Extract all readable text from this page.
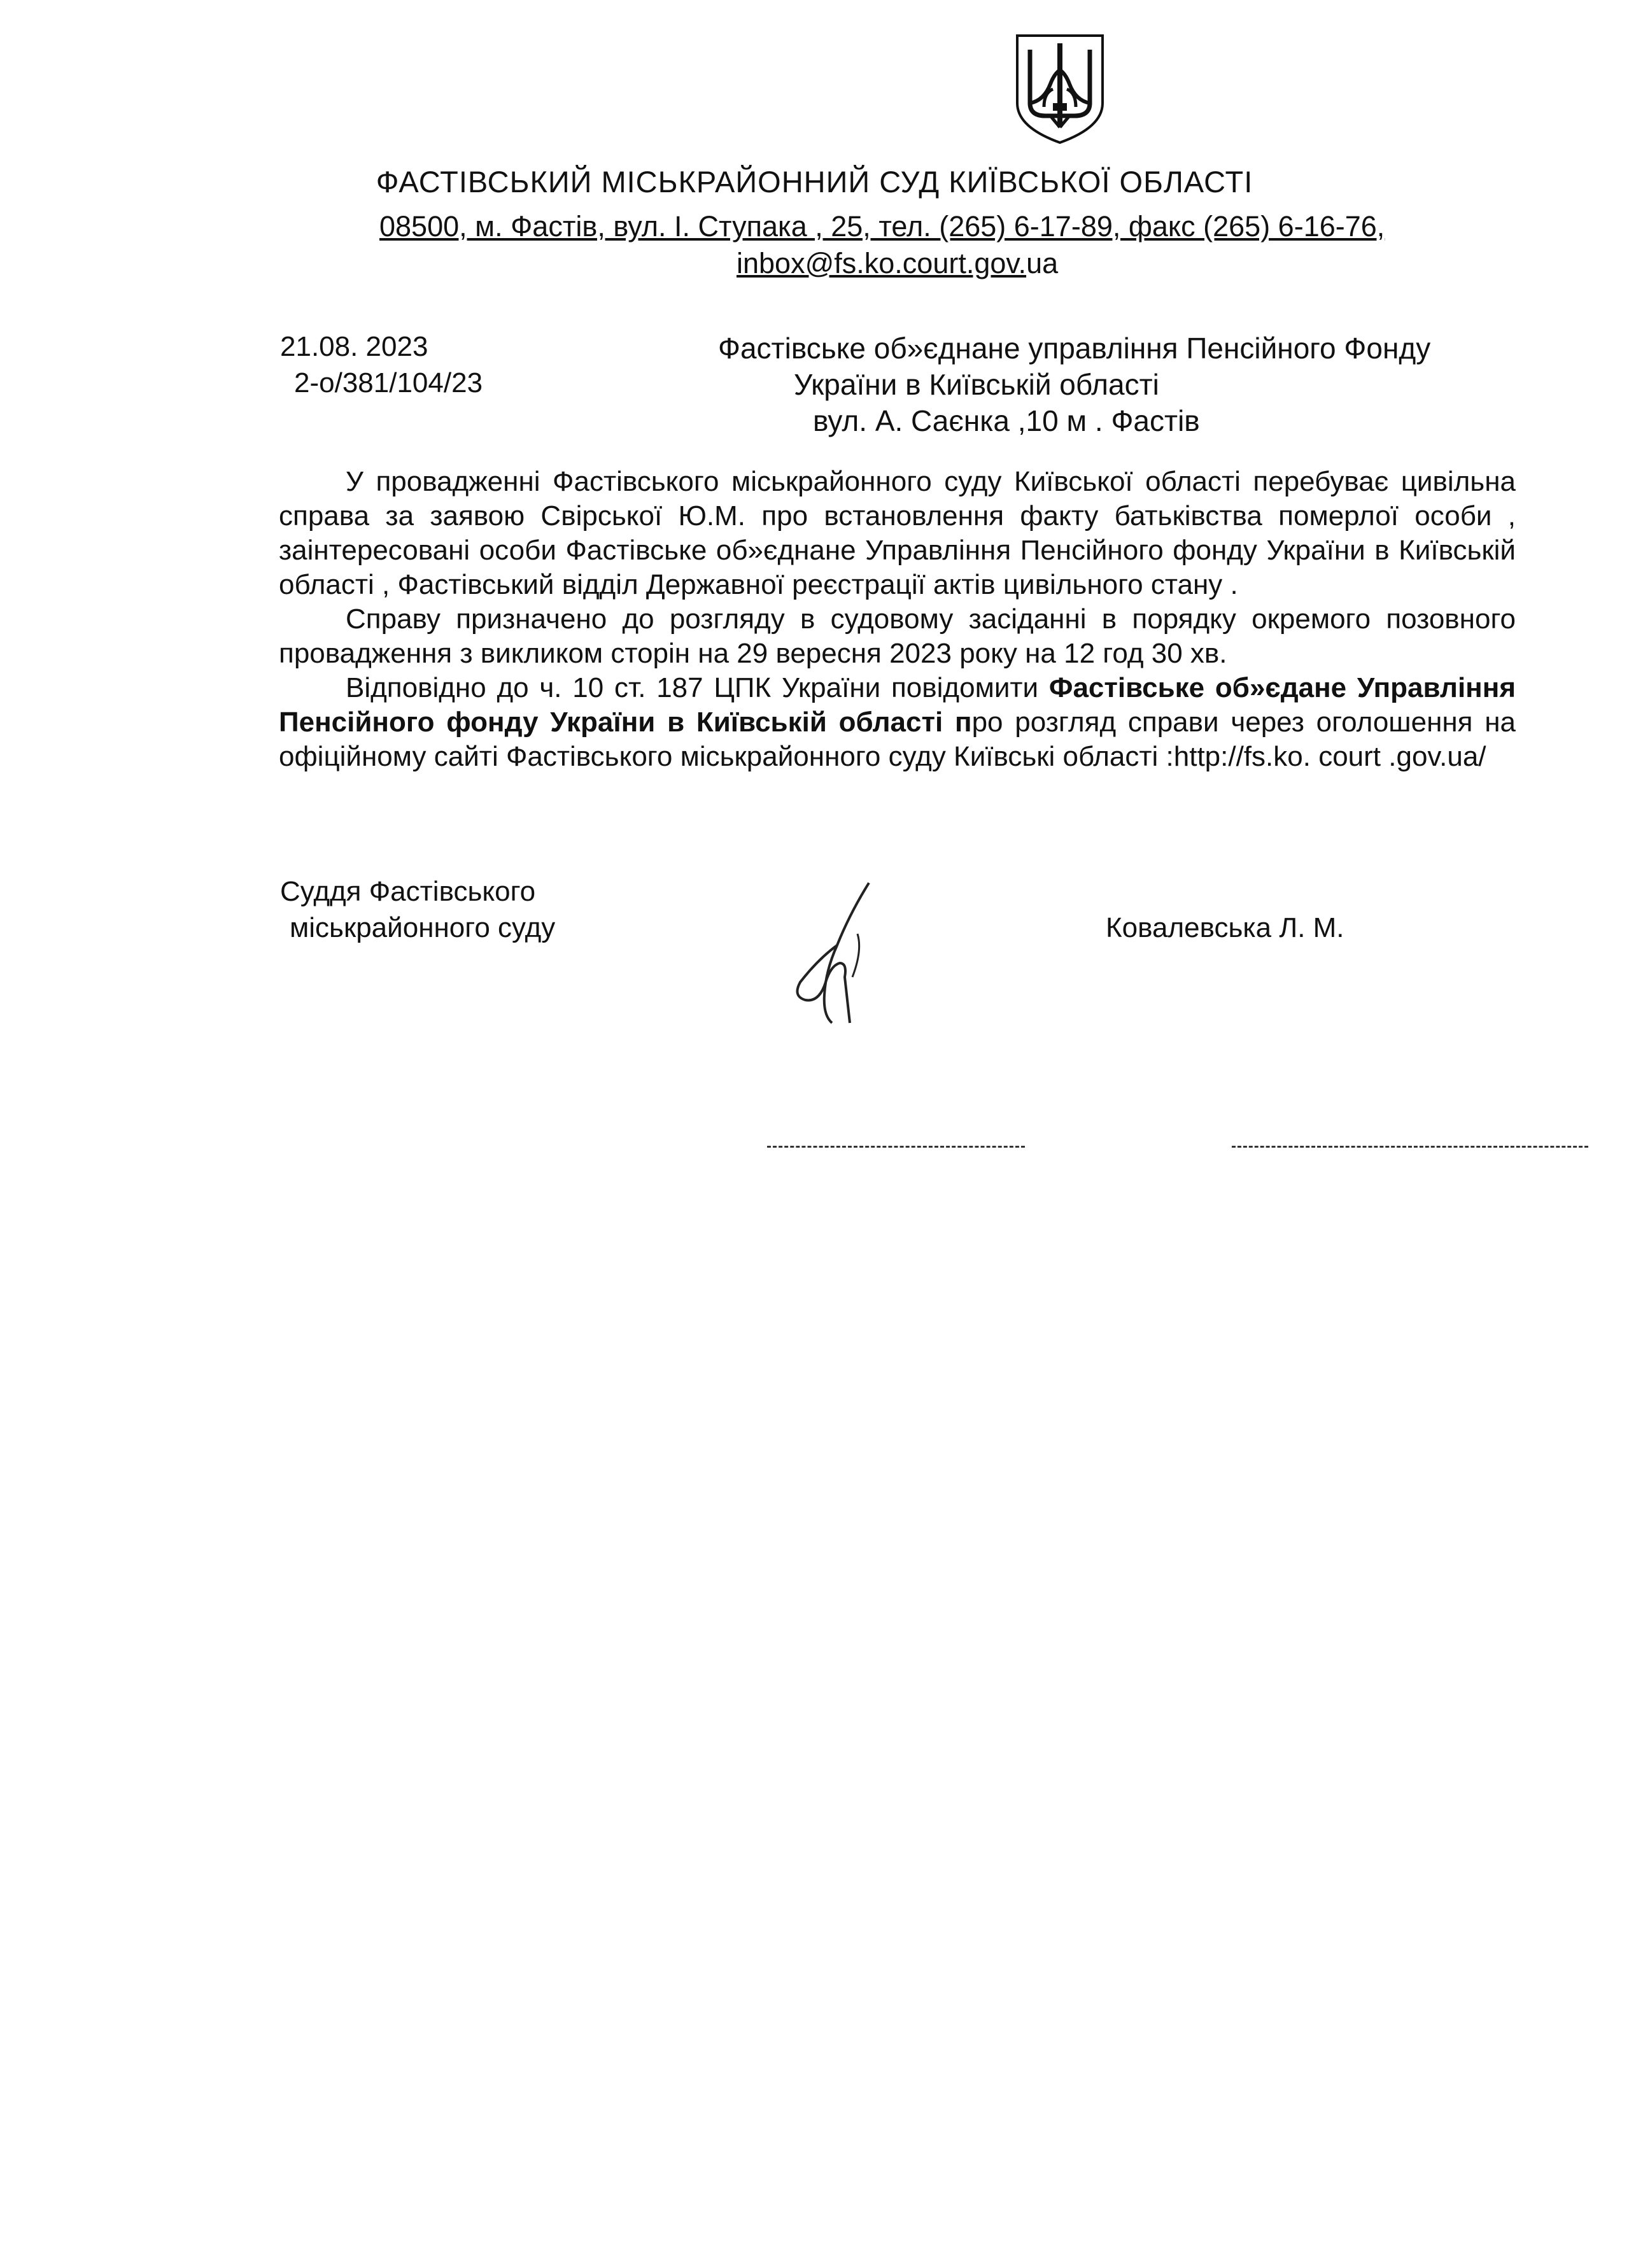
ФАСТІВСЬКИЙ МІСЬКРАЙОННИЙ СУД КИЇВСЬКОЇ ОБЛАСТІ
08500, м. Фастів, вул. І. Ступака , 25, тел. (265) 6-17-89, факс (265) 6-16-76,
inbox@fs.ko.court.gov.ua
21.08. 2023
2-о/381/104/23
Фастівське об»єднане управління Пенсійного Фонду
України в Київській області
вул. А. Саєнка ,10 м . Фастів

У провадженні Фастівського міськрайонного суду Київської області перебуває цивільна справа за заявою Свірської Ю.М. про встановлення факту батьківства померлої особи , заінтересовані особи Фастівське об»єднане Управління Пенсійного фонду України в Київській області , Фастівський відділ Державної реєстрації актів цивільного стану .

Справу призначено до розгляду в судовому засіданні в порядку окремого позовного провадження з викликом сторін на 29 вересня 2023 року на 12 год 30 хв.

Відповідно до ч. 10 ст. 187 ЦПК України повідомити Фастівське об»єдане Управління Пенсійного фонду України в Київській області про розгляд справи через оголошення на офіційному сайті Фастівського міськрайонного суду Київські області :http://fs.ko. court .gov.ua/

Суддя Фастівського
міськрайонного суду	Ковалевська Л. М.
